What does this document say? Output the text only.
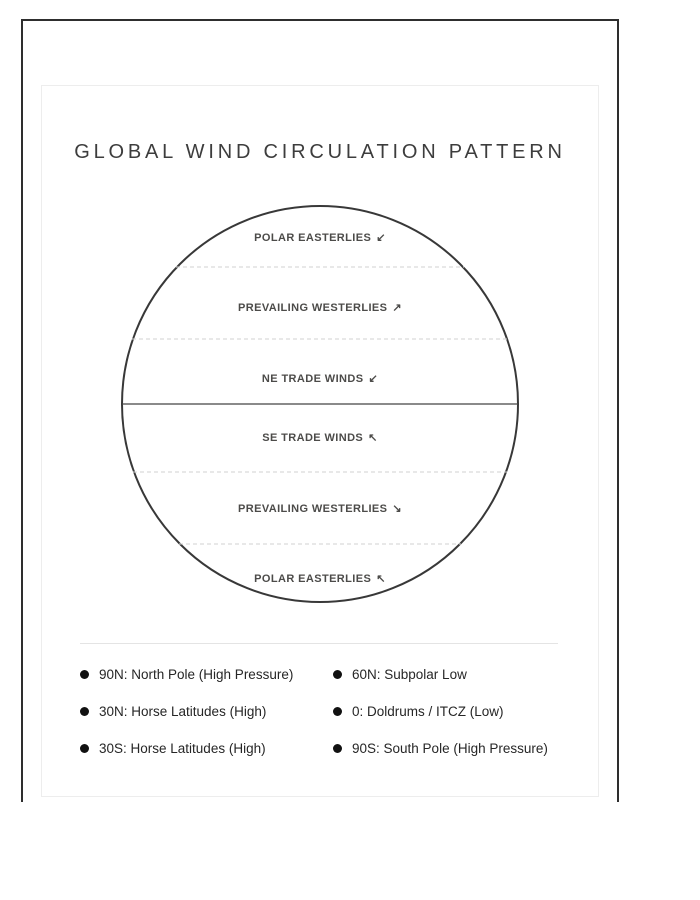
GLOBAL WIND CIRCULATION PATTERN
POLAR EASTERLIES ↙
PREVAILING WESTERLIES ↗
NE TRADE WINDS ↙
SE TRADE WINDS ↖
PREVAILING WESTERLIES ↘
POLAR EASTERLIES ↖
90N: North Pole (High Pressure)	60N: Subpolar Low
30N: Horse Latitudes (High)	0: Doldrums / ITCZ (Low)
30S: Horse Latitudes (High)	90S: South Pole (High Pressure)
